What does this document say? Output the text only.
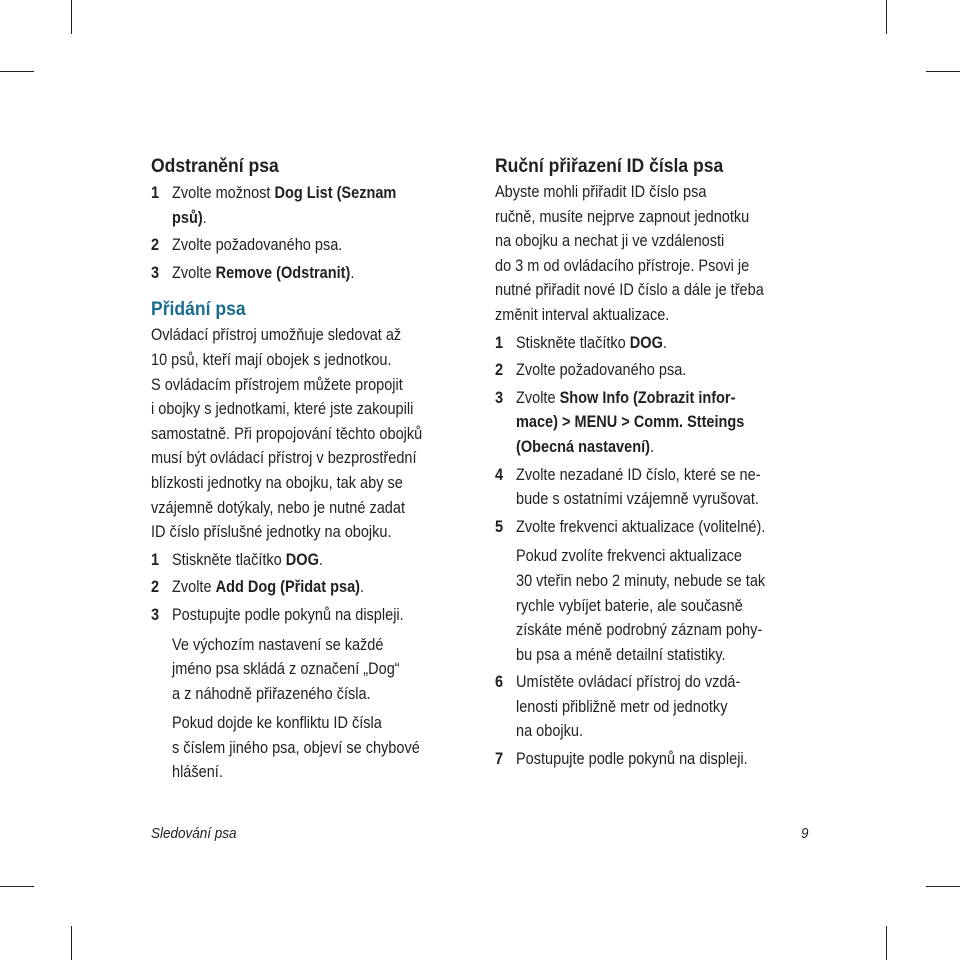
Odstranění psa
1 Zvolte možnost Dog List (Seznam
psů).
2 Zvolte požadovaného psa.
3 Zvolte Remove (Odstranit).
Přidání psa
Ovládací přístroj umožňuje sledovat až
10 psů, kteří mají obojek s jednotkou.
S ovládacím přístrojem můžete propojit
i obojky s jednotkami, které jste zakoupili
samostatně. Při propojování těchto obojků
musí být ovládací přístroj v bezprostřední
blízkosti jednotky na obojku, tak aby se
vzájemně dotýkaly, nebo je nutné zadat
ID číslo příslušné jednotky na obojku.
1 Stiskněte tlačítko DOG.
2 Zvolte Add Dog (Přidat psa).
3 Postupujte podle pokynů na displeji.
Ve výchozím nastavení se každé
jméno psa skládá z označení „Dog“
a z náhodně přiřazeného čísla.
Pokud dojde ke konfliktu ID čísla
s číslem jiného psa, objeví se chybové
hlášení.
Ruční přiřazení ID čísla psa
Abyste mohli přiřadit ID číslo psa
ručně, musíte nejprve zapnout jednotku
na obojku a nechat ji ve vzdálenosti
do 3 m od ovládacího přístroje. Psovi je
nutné přiřadit nové ID číslo a dále je třeba
změnit interval aktualizace.
1 Stiskněte tlačítko DOG.
2 Zvolte požadovaného psa.
3 Zvolte Show Info (Zobrazit infor-
mace) > MENU > Comm. Stteings
(Obecná nastavení).
4 Zvolte nezadané ID číslo, které se ne-
bude s ostatními vzájemně vyrušovat.
5 Zvolte frekvenci aktualizace (volitelné).
Pokud zvolíte frekvenci aktualizace
30 vteřin nebo 2 minuty, nebude se tak
rychle vybíjet baterie, ale současně
získáte méně podrobný záznam pohy-
bu psa a méně detailní statistiky.
6 Umístěte ovládací přístroj do vzdá-
lenosti přibližně metr od jednotky
na obojku.
7 Postupujte podle pokynů na displeji.
Sledování psa	9
